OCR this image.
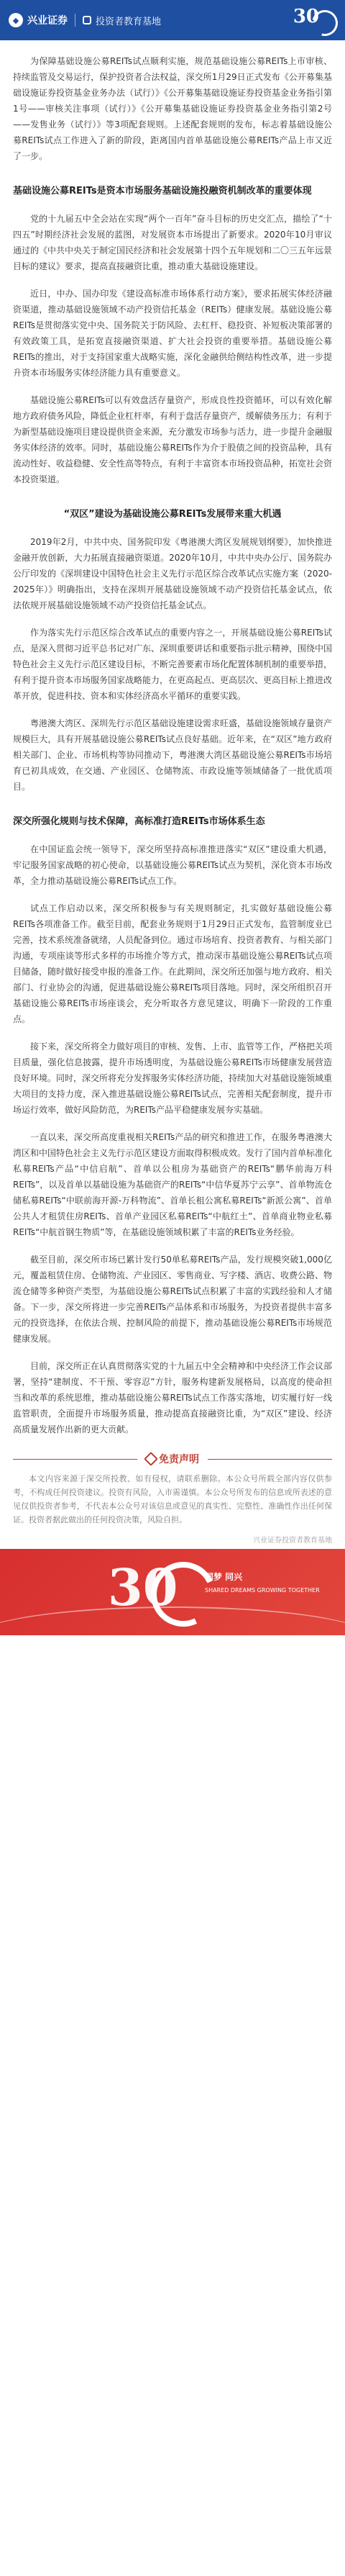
◆ 兴业证券	投资者教育基地	30

为保障基础设施公募REITs试点顺利实施，规范基础设施公募REITs上市审核、持续监管及交易运行，保护投资者合法权益，深交所1月29日正式发布《公开募集基础设施证券投资基金业务办法（试行）》《公开募集基础设施证券投资基金业务指引第1号——审核关注事项（试行）》《公开募集基础设施证券投资基金业务指引第2号——发售业务（试行）》等3项配套规则。上述配套规则的发布，标志着基础设施公募REITs试点工作进入了新的阶段，距离国内首单基础设施公募REITs产品上市又近了一步。

基础设施公募REITs是资本市场服务基础设施投融资机制改革的重要体现

党的十九届五中全会站在实现“两个一百年”奋斗目标的历史交汇点，描绘了“十四五”时期经济社会发展的蓝图，对发展资本市场提出了新要求。2020年10月审议通过的《中共中央关于制定国民经济和社会发展第十四个五年规划和二〇三五年远景目标的建议》要求，提高直接融资比重，推动重大基础设施建设。

近日，中办、国办印发《建设高标准市场体系行动方案》，要求拓展实体经济融资渠道，推动基础设施领域不动产投资信托基金（REITs）健康发展。基础设施公募REITs是贯彻落实党中央、国务院关于防风险、去杠杆、稳投资、补短板决策部署的有效政策工具，是拓宽直接融资渠道、扩大社会投资的重要举措。基础设施公募REITs的推出，对于支持国家重大战略实施，深化金融供给侧结构性改革，进一步提升资本市场服务实体经济能力具有重要意义。

基础设施公募REITs可以有效盘活存量资产，形成良性投资循环，可以有效化解地方政府债务风险，降低企业杠杆率，有利于盘活存量资产，缓解债务压力；有利于为新型基础设施项目建设提供资金来源，充分激发市场参与活力，进一步提升金融服务实体经济的效率。同时，基础设施公募REITs作为介于股债之间的投资品种，具有流动性好、收益稳健、安全性高等特点，有利于丰富资本市场投资品种，拓宽社会资本投资渠道。

“双区”建设为基础设施公募REITs发展带来重大机遇

2019年2月，中共中央、国务院印发《粤港澳大湾区发展规划纲要》，加快推进金融开放创新，大力拓展直接融资渠道。2020年10月，中共中央办公厅、国务院办公厅印发的《深圳建设中国特色社会主义先行示范区综合改革试点实施方案（2020-2025年）》明确指出，支持在深圳开展基础设施领域不动产投资信托基金试点，依法依规开展基础设施领域不动产投资信托基金试点。

作为落实先行示范区综合改革试点的重要内容之一，开展基础设施公募REITs试点，是深入贯彻习近平总书记对广东、深圳重要讲话和重要指示批示精神，围绕中国特色社会主义先行示范区建设目标，不断完善要素市场化配置体制机制的重要举措，有利于提升资本市场服务国家战略能力，在更高起点、更高层次、更高目标上推进改革开放，促进科技、资本和实体经济高水平循环的重要实践。

粤港澳大湾区、深圳先行示范区基础设施建设需求旺盛，基础设施领域存量资产规模巨大，具有开展基础设施公募REITs试点良好基础。近年来，在“双区”地方政府相关部门、企业、市场机构等协同推动下，粤港澳大湾区基础设施公募REITs市场培育已初具成效，在交通、产业园区、仓储物流、市政设施等领域储备了一批优质项目。

深交所强化规则与技术保障，高标准打造REITs市场体系生态

在中国证监会统一领导下，深交所坚持高标准推进落实“双区”建设重大机遇，牢记服务国家战略的初心使命，以基础设施公募REITs试点为契机，深化资本市场改革，全力推动基础设施公募REITs试点工作。

试点工作启动以来，深交所积极参与有关规则制定，扎实做好基础设施公募REITs各项准备工作。截至目前，配套业务规则于1月29日正式发布，监管制度业已完善，技术系统准备就绪，人员配备到位。通过市场培育、投资者教育、与相关部门沟通，专项座谈等形式多样的市场推介等方式，推动深市基础设施公募REITs试点项目储备，随时做好接受申报的准备工作。在此期间，深交所还加强与地方政府、相关部门、行业协会的沟通，促进基础设施公募REITs项目落地。同时，深交所组织召开基础设施公募REITs市场座谈会，充分听取各方意见建议，明确下一阶段的工作重点。

接下来，深交所将全力做好项目的审核、发售、上市、监管等工作，严格把关项目质量，强化信息披露，提升市场透明度，为基础设施公募REITs市场健康发展营造良好环境。同时，深交所将充分发挥服务实体经济功能，持续加大对基础设施领域重大项目的支持力度，深入推进基础设施公募REITs试点，完善相关配套制度，提升市场运行效率，做好风险防范，为REITs产品平稳健康发展夯实基础。

一直以来，深交所高度重视相关REITs产品的研究和推进工作，在服务粤港澳大湾区和中国特色社会主义先行示范区建设方面取得积极成效。发行了国内首单标准化私募REITs产品“中信启航”、首单以公租房为基础资产的REITs“鹏华前海万科REITs”，以及首单以基础设施为基础资产的REITs“中信华夏苏宁云享”、首单物流仓储私募REITs“中联前海开源-万科物流”、首单长租公寓私募REITs“新派公寓”、首单公共人才租赁住房REITs、首单产业园区私募REITs“中航红土”、首单商业物业私募REITs“中航首钢生物质”等，在基础设施领域积累了丰富的REITs业务经验。

截至目前，深交所市场已累计发行50单私募REITs产品，发行规模突破1,000亿元，覆盖租赁住房、仓储物流、产业园区、零售商业、写字楼、酒店、收费公路、物流仓储等多种资产类型，为基础设施公募REITs试点积累了丰富的实践经验和人才储备。下一步，深交所将进一步完善REITs产品体系和市场服务，为投资者提供丰富多元的投资选择，在依法合规、控制风险的前提下，推动基础设施公募REITs市场规范健康发展。

目前，深交所正在认真贯彻落实党的十九届五中全会精神和中央经济工作会议部署，坚持“建制度、不干预、零容忍”方针，服务构建新发展格局，以高度的使命担当和改革的系统思维，推动基础设施公募REITs试点工作落实落地，切实履行好一线监管职责，全面提升市场服务质量，推动提高直接融资比重，为“双区”建设、经济高质量发展作出新的更大贡献。

免责声明

本文内容来源于深交所投教、如有侵权，请联系删除。本公众号所载全部内容仅供参考，不构成任何投资建议。投资有风险，入市需谨慎。本公众号所发布的信息或所表述的意见仅供投资者参考，不代表本公众号对该信息或意见的真实性、完整性、准确性作出任何保证。投资者据此做出的任何投资决策，风险自担。

兴业证券投资者教育基地

30	同梦 同兴
SHARED DREAMS GROWING TOGETHER
